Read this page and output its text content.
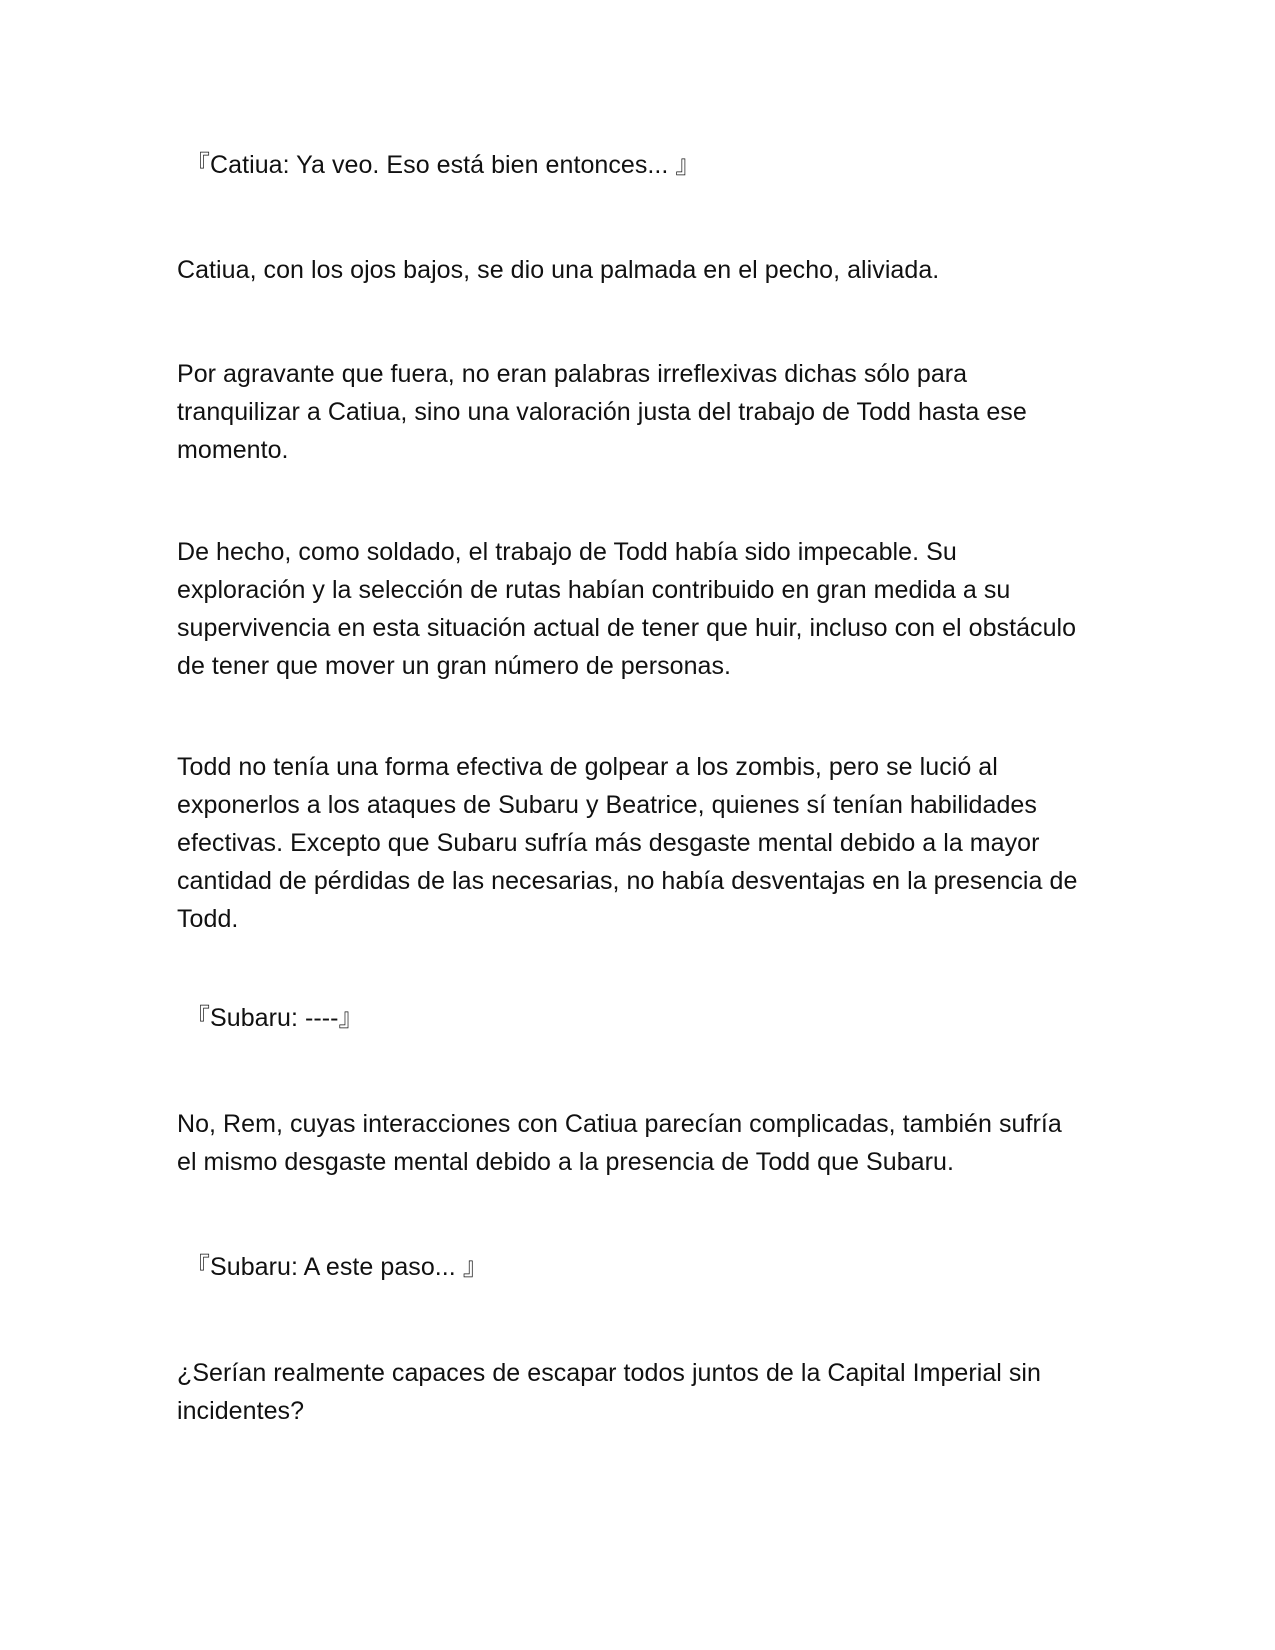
『Catiua: Ya veo. Eso está bien entonces... 』

Catiua, con los ojos bajos, se dio una palmada en el pecho, aliviada.

Por agravante que fuera, no eran palabras irreflexivas dichas sólo para tranquilizar a Catiua, sino una valoración justa del trabajo de Todd hasta ese momento.

De hecho, como soldado, el trabajo de Todd había sido impecable. Su exploración y la selección de rutas habían contribuido en gran medida a su supervivencia en esta situación actual de tener que huir, incluso con el obstáculo de tener que mover un gran número de personas.

Todd no tenía una forma efectiva de golpear a los zombis, pero se lució al exponerlos a los ataques de Subaru y Beatrice, quienes sí tenían habilidades efectivas. Excepto que Subaru sufría más desgaste mental debido a la mayor cantidad de pérdidas de las necesarias, no había desventajas en la presencia de Todd.

『Subaru: ----』

No, Rem, cuyas interacciones con Catiua parecían complicadas, también sufría el mismo desgaste mental debido a la presencia de Todd que Subaru.

『Subaru: A este paso... 』

¿Serían realmente capaces de escapar todos juntos de la Capital Imperial sin incidentes?
